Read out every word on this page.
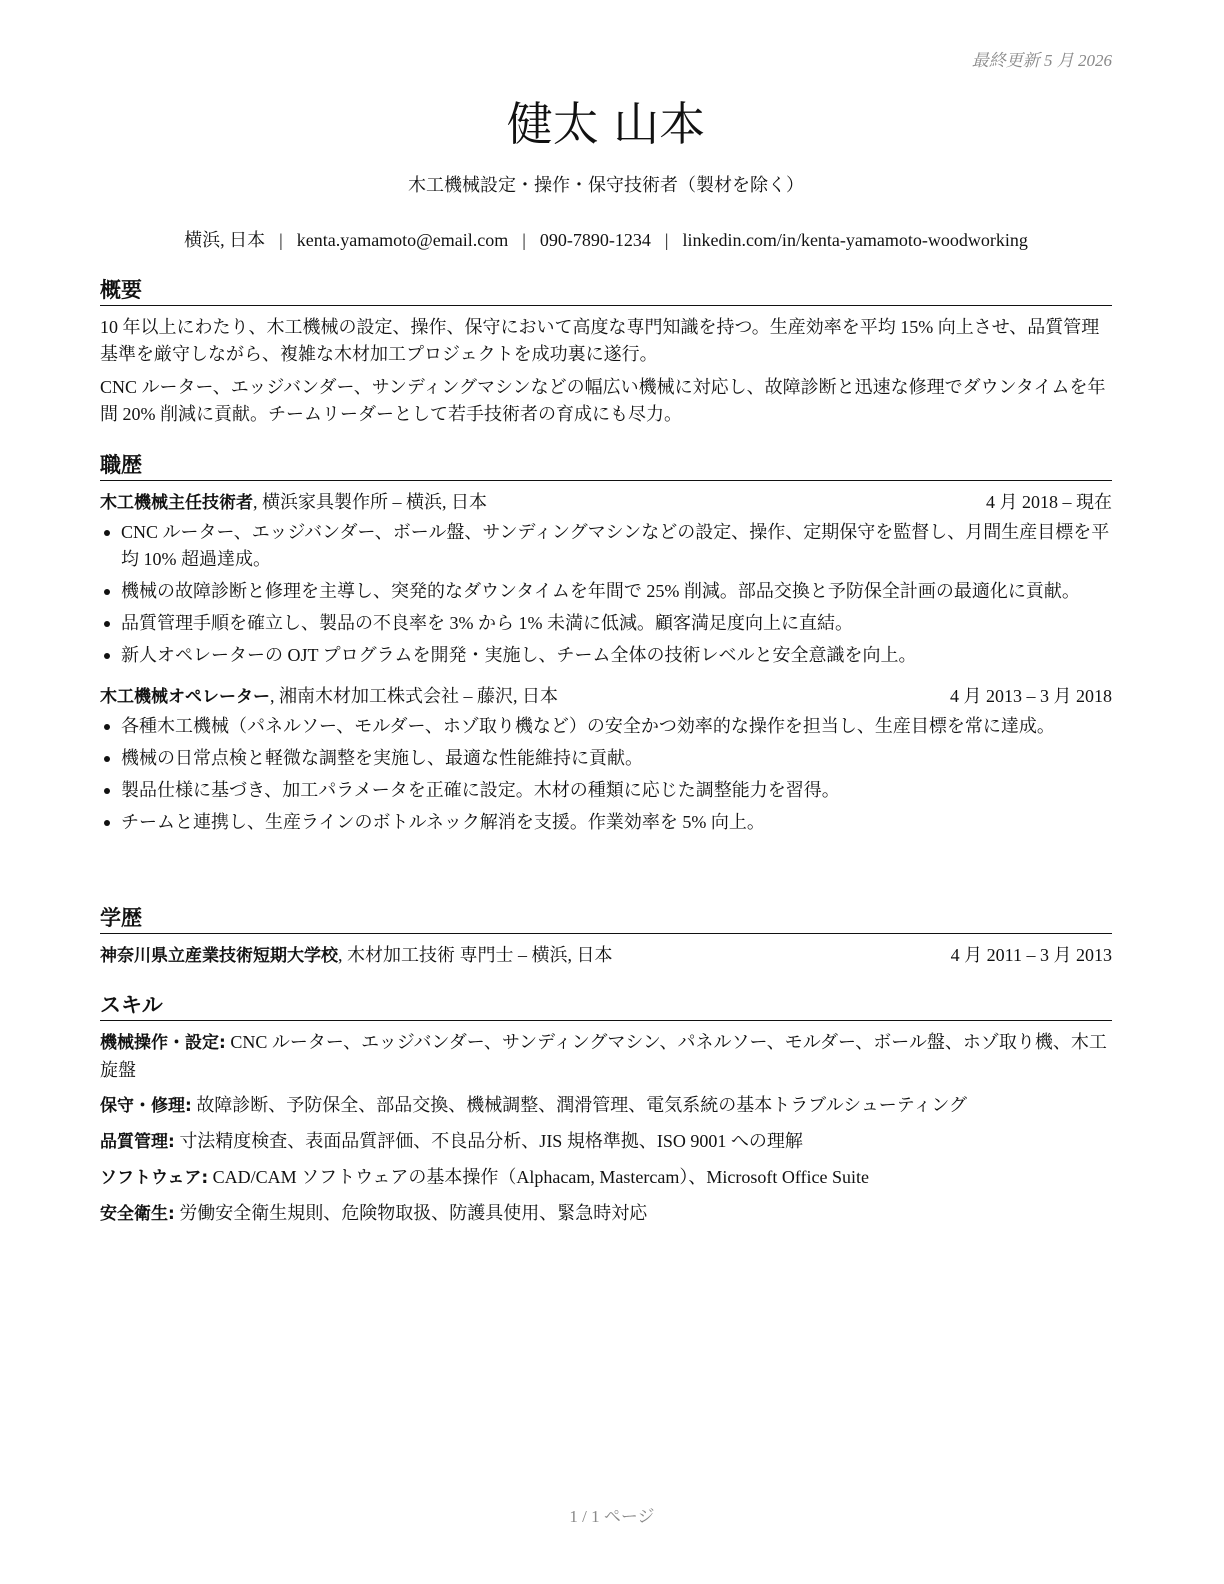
最終更新 5 月 2026
健太 山本
木工機械設定・操作・保守技術者（製材を除く）
横浜, 日本 | kenta.yamamoto@email.com | 090-7890-1234 | linkedin.com/in/kenta-yamamoto-woodworking
概要
10 年以上にわたり、木工機械の設定、操作、保守において高度な専門知識を持つ。生産効率を平均 15% 向上させ、品質管理基準を厳守しながら、複雑な木材加工プロジェクトを成功裏に遂行。
CNC ルーター、エッジバンダー、サンディングマシンなどの幅広い機械に対応し、故障診断と迅速な修理でダウンタイムを年間 20% 削減に貢献。チームリーダーとして若手技術者の育成にも尽力。
職歴
木工機械主任技術者, 横浜家具製作所 – 横浜, 日本	4 月 2018 – 現在
CNC ルーター、エッジバンダー、ボール盤、サンディングマシンなどの設定、操作、定期保守を監督し、月間生産目標を平均 10% 超過達成。
機械の故障診断と修理を主導し、突発的なダウンタイムを年間で 25% 削減。部品交換と予防保全計画の最適化に貢献。
品質管理手順を確立し、製品の不良率を 3% から 1% 未満に低減。顧客満足度向上に直結。
新人オペレーターの OJT プログラムを開発・実施し、チーム全体の技術レベルと安全意識を向上。
木工機械オペレーター, 湘南木材加工株式会社 – 藤沢, 日本	4 月 2013 – 3 月 2018
各種木工機械（パネルソー、モルダー、ホゾ取り機など）の安全かつ効率的な操作を担当し、生産目標を常に達成。
機械の日常点検と軽微な調整を実施し、最適な性能維持に貢献。
製品仕様に基づき、加工パラメータを正確に設定。木材の種類に応じた調整能力を習得。
チームと連携し、生産ラインのボトルネック解消を支援。作業効率を 5% 向上。
学歴
神奈川県立産業技術短期大学校, 木材加工技術 専門士 – 横浜, 日本	4 月 2011 – 3 月 2013
スキル
機械操作・設定: CNC ルーター、エッジバンダー、サンディングマシン、パネルソー、モルダー、ボール盤、ホゾ取り機、木工旋盤
保守・修理: 故障診断、予防保全、部品交換、機械調整、潤滑管理、電気系統の基本トラブルシューティング
品質管理: 寸法精度検査、表面品質評価、不良品分析、JIS 規格準拠、ISO 9001 への理解
ソフトウェア: CAD/CAM ソフトウェアの基本操作（Alphacam, Mastercam）、Microsoft Office Suite
安全衛生: 労働安全衛生規則、危険物取扱、防護具使用、緊急時対応
1 / 1 ページ
